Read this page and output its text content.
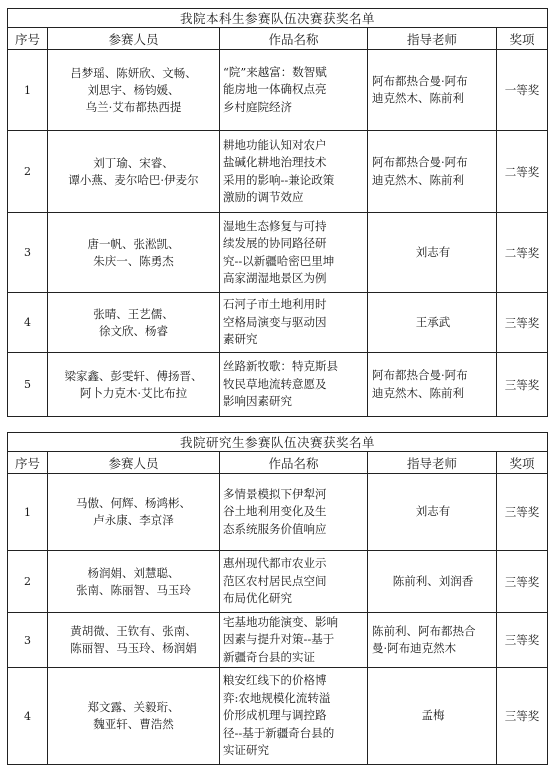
我院本科生参赛队伍决赛获奖名单				
序号	参赛人员	作品名称	指导老师	奖项
1	吕梦瑶、陈妍欣、文畅、
刘思宇、杨钧媛、
乌兰·艾布都热西提	“院”来越富：数智赋
能房地一体确权点亮
乡村庭院经济	阿布都热合曼·阿布
迪克然木、陈前利	一等奖
2	刘丁瑜、宋睿、
谭小燕、麦尔哈巴·伊麦尔	耕地功能认知对农户
盐碱化耕地治理技术
采用的影响--兼论政策
激励的调节效应	阿布都热合曼·阿布
迪克然木、陈前利	二等奖
3	唐一帆、张淞凯、
朱庆一、陈勇杰	湿地生态修复与可持
续发展的协同路径研
究--以新疆哈密巴里坤
高家湖湿地景区为例	刘志有	二等奖
4	张晴、王艺儒、
徐文欣、杨睿	石河子市土地利用时
空格局演变与驱动因
素研究	王承武	三等奖
5	梁家鑫、彭雯轩、傅扬晋、
阿卜力克木·艾比布拉	丝路新牧歌：特克斯县
牧民草地流转意愿及
影响因素研究	阿布都热合曼·阿布
迪克然木、陈前利	三等奖
我院研究生参赛队伍决赛获奖名单				
序号	参赛人员	作品名称	指导老师	奖项
1	马傲、何辉、杨鸿彬、
卢永康、李京泽	多情景模拟下伊犁河
谷土地利用变化及生
态系统服务价值响应	刘志有	三等奖
2	杨润娟、刘慧聪、
张南、陈丽智、马玉玲	惠州现代都市农业示
范区农村居民点空间
布局优化研究	陈前利、刘润香	三等奖
3	黄胡微、王钦有、张南、
陈丽智、马玉玲、杨润娟	宅基地功能演变、影响
因素与提升对策--基于
新疆奇台县的实证	陈前利、阿布都热合
曼·阿布迪克然木	三等奖
4	郑文露、关毅珩、
魏亚轩、曹浩然	粮安红线下的价格博
弈:农地规模化流转溢
价形成机理与调控路
径--基于新疆奇台县的
实证研究	孟梅	三等奖
